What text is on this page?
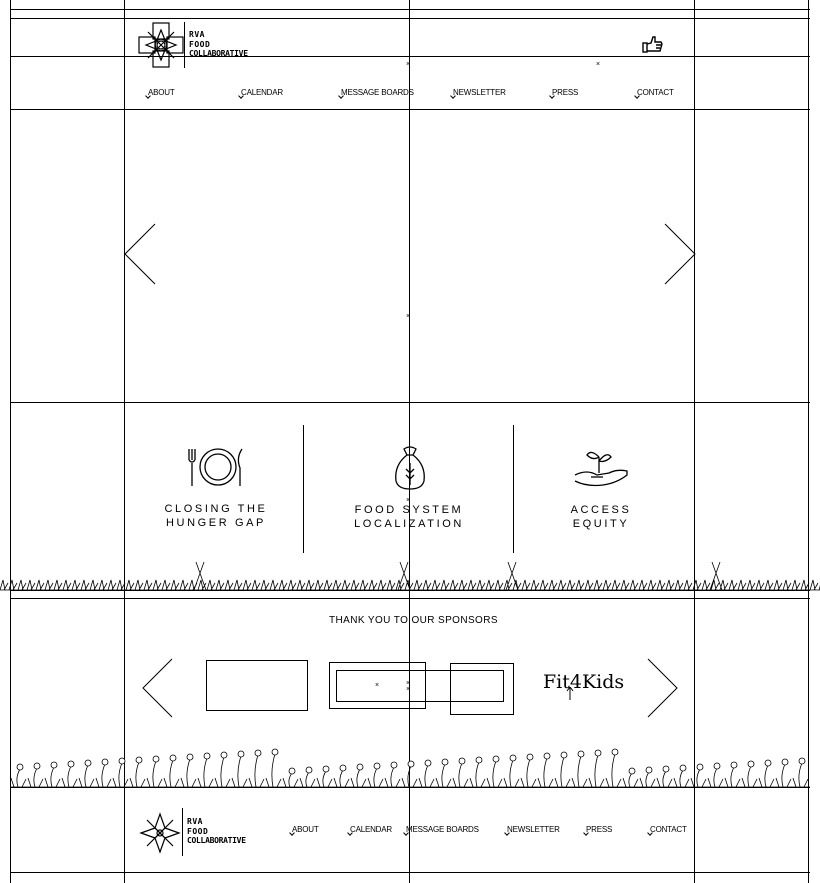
RVA
FOOD
COLLABORATIVE
×	×
ABOUT	CALENDAR	MESSAGE BOARDS	NEWSLETTER	PRESS	CONTACT
×
CLOSING THE
HUNGER GAP
FOOD SYSTEM
LOCALIZATION
×
ACCESS
EQUITY
THANK YOU TO OUR SPONSORS
×	×
×	Fit4Kids
RVA
FOOD
COLLABORATIVE
ABOUT	CALENDAR MESSAGE BOARDS	NEWSLETTER	PRESS	CONTACT
